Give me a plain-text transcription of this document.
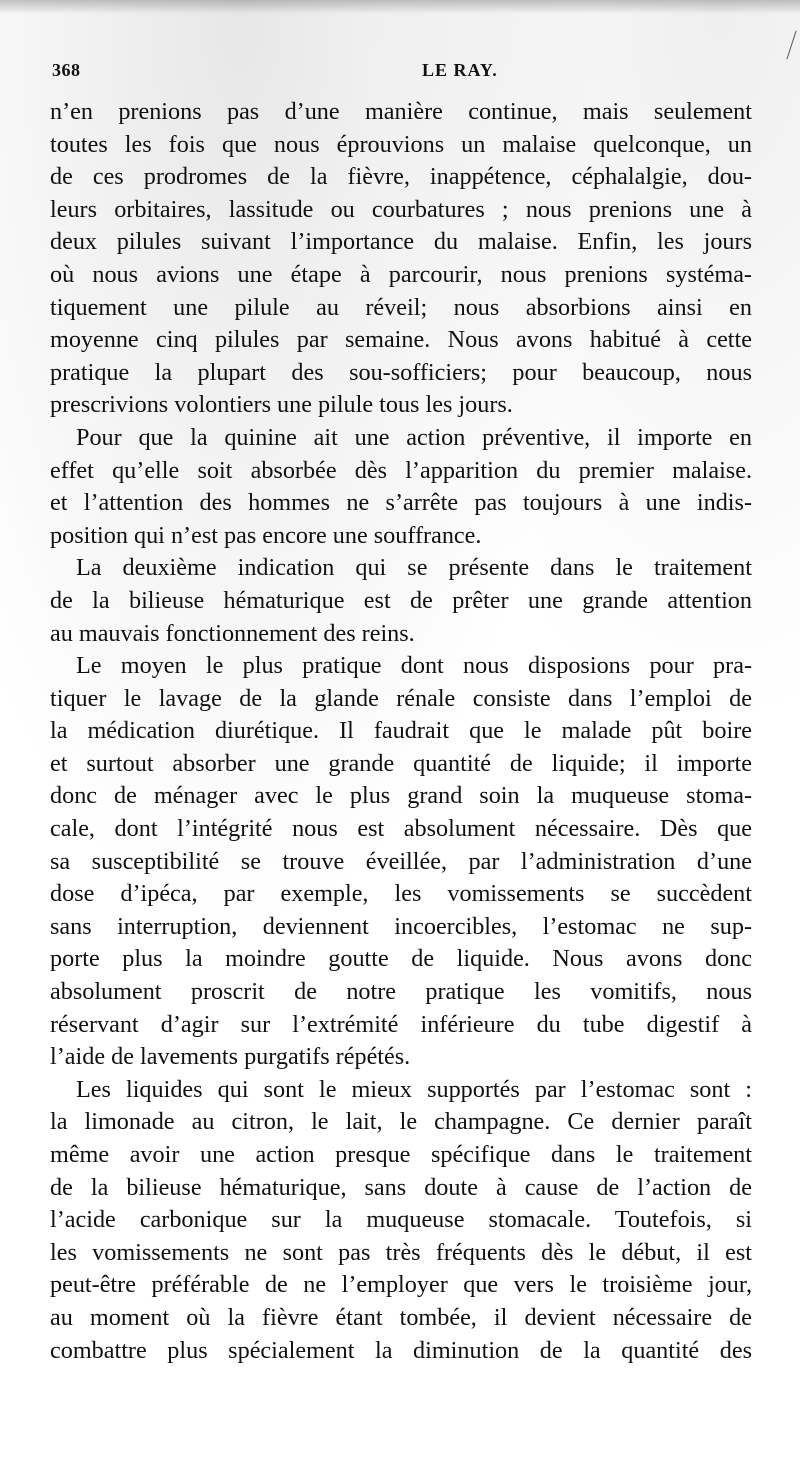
368	LE RAY.
n’en prenions pas d’une manière continue, mais seulement
toutes les fois que nous éprouvions un malaise quelconque, un
de ces prodromes de la fièvre, inappétence, céphalalgie, dou-
leurs orbitaires, lassitude ou courbatures ; nous prenions une à
deux pilules suivant l’importance du malaise. Enfin, les jours
où nous avions une étape à parcourir, nous prenions systéma-
tiquement une pilule au réveil; nous absorbions ainsi en
moyenne cinq pilules par semaine. Nous avons habitué à cette
pratique la plupart des sou-sofficiers; pour beaucoup, nous
prescrivions volontiers une pilule tous les jours.
Pour que la quinine ait une action préventive, il importe en
effet qu’elle soit absorbée dès l’apparition du premier malaise.
et l’attention des hommes ne s’arrête pas toujours à une indis-
position qui n’est pas encore une souffrance.
La deuxième indication qui se présente dans le traitement
de la bilieuse hématurique est de prêter une grande attention
au mauvais fonctionnement des reins.
Le moyen le plus pratique dont nous disposions pour pra-
tiquer le lavage de la glande rénale consiste dans l’emploi de
la médication diurétique. Il faudrait que le malade pût boire
et surtout absorber une grande quantité de liquide; il importe
donc de ménager avec le plus grand soin la muqueuse stoma-
cale, dont l’intégrité nous est absolument nécessaire. Dès que
sa susceptibilité se trouve éveillée, par l’administration d’une
dose d’ipéca, par exemple, les vomissements se succèdent
sans interruption, deviennent incoercibles, l’estomac ne sup-
porte plus la moindre goutte de liquide. Nous avons donc
absolument proscrit de notre pratique les vomitifs, nous
réservant d’agir sur l’extrémité inférieure du tube digestif à
l’aide de lavements purgatifs répétés.
Les liquides qui sont le mieux supportés par l’estomac sont :
la limonade au citron, le lait, le champagne. Ce dernier paraît
même avoir une action presque spécifique dans le traitement
de la bilieuse hématurique, sans doute à cause de l’action de
l’acide carbonique sur la muqueuse stomacale. Toutefois, si
les vomissements ne sont pas très fréquents dès le début, il est
peut-être préférable de ne l’employer que vers le troisième jour,
au moment où la fièvre étant tombée, il devient nécessaire de
combattre plus spécialement la diminution de la quantité des
